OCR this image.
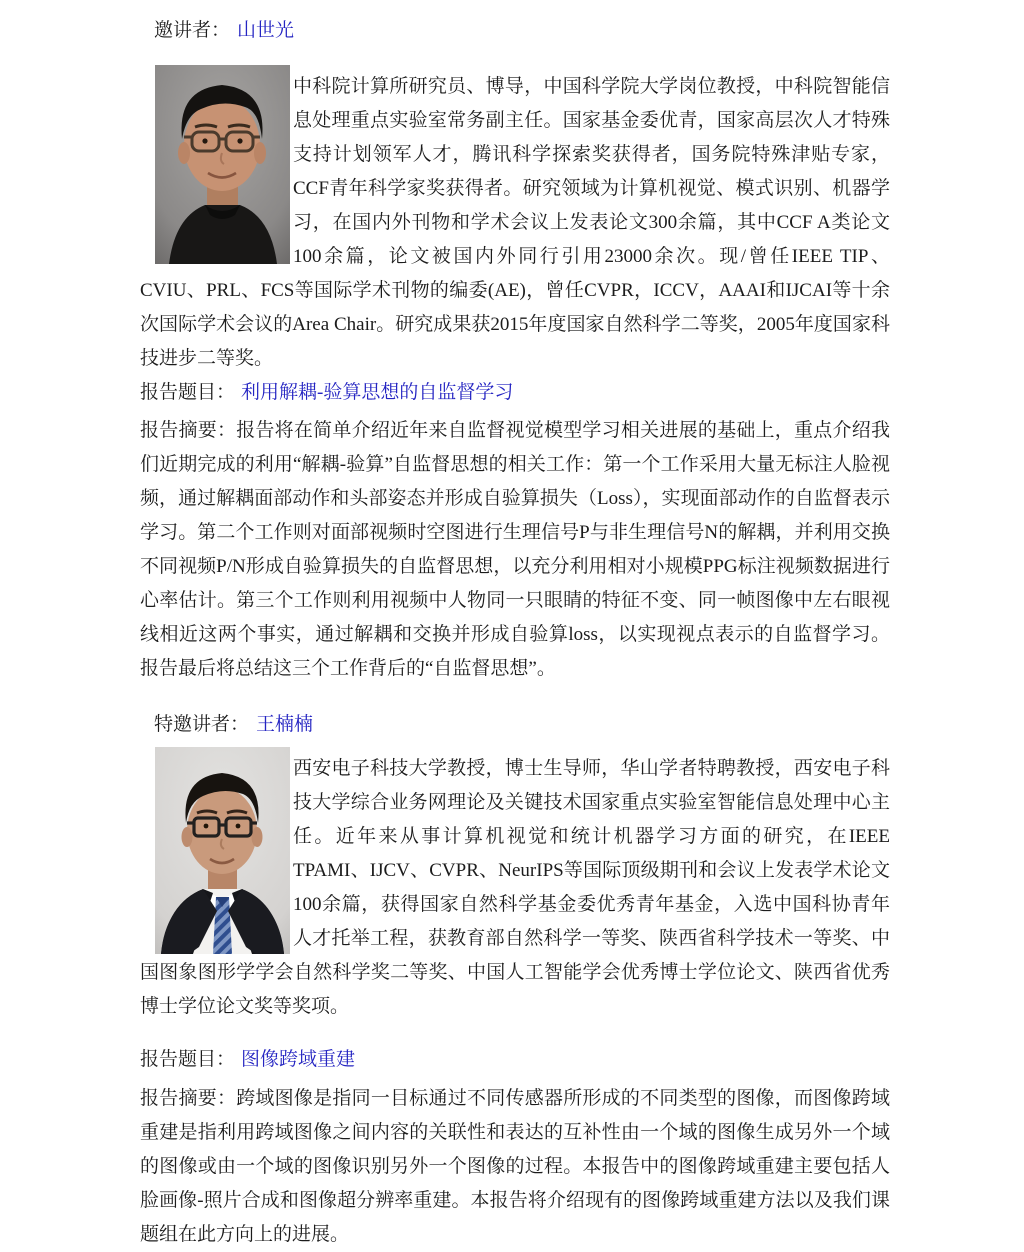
邀讲者： 山世光

中科院计算所研究员、博导，中国科学院大学岗位教授，中科院智能信息处理重点实验室常务副主任。国家基金委优青，国家高层次人才特殊支持计划领军人才，腾讯科学探索奖获得者，国务院特殊津贴专家，CCF青年科学家奖获得者。研究领域为计算机视觉、模式识别、机器学习，在国内外刊物和学术会议上发表论文300余篇，其中CCF A类论文100余篇，论文被国内外同行引用23000余次。现/曾任IEEE TIP、CVIU、PRL、FCS等国际学术刊物的编委(AE)，曾任CVPR，ICCV，AAAI和IJCAI等十余次国际学术会议的Area Chair。研究成果获2015年度国家自然科学二等奖，2005年度国家科技进步二等奖。

报告题目： 利用解耦-验算思想的自监督学习

报告摘要：报告将在简单介绍近年来自监督视觉模型学习相关进展的基础上，重点介绍我们近期完成的利用“解耦-验算”自监督思想的相关工作：第一个工作采用大量无标注人脸视频，通过解耦面部动作和头部姿态并形成自验算损失（Loss），实现面部动作的自监督表示学习。第二个工作则对面部视频时空图进行生理信号P与非生理信号N的解耦，并利用交换不同视频P/N形成自验算损失的自监督思想，以充分利用相对小规模PPG标注视频数据进行心率估计。第三个工作则利用视频中人物同一只眼睛的特征不变、同一帧图像中左右眼视线相近这两个事实，通过解耦和交换并形成自验算loss，以实现视点表示的自监督学习。报告最后将总结这三个工作背后的“自监督思想”。

特邀讲者： 王楠楠

西安电子科技大学教授，博士生导师，华山学者特聘教授，西安电子科技大学综合业务网理论及关键技术国家重点实验室智能信息处理中心主任。近年来从事计算机视觉和统计机器学习方面的研究，在IEEE TPAMI、IJCV、CVPR、NeurIPS等国际顶级期刊和会议上发表学术论文100余篇，获得国家自然科学基金委优秀青年基金，入选中国科协青年人才托举工程，获教育部自然科学一等奖、陕西省科学技术一等奖、中国图象图形学学会自然科学奖二等奖、中国人工智能学会优秀博士学位论文、陕西省优秀博士学位论文奖等奖项。

报告题目： 图像跨域重建

报告摘要：跨域图像是指同一目标通过不同传感器所形成的不同类型的图像，而图像跨域重建是指利用跨域图像之间内容的关联性和表达的互补性由一个域的图像生成另外一个域的图像或由一个域的图像识别另外一个图像的过程。本报告中的图像跨域重建主要包括人脸画像-照片合成和图像超分辨率重建。本报告将介绍现有的图像跨域重建方法以及我们课题组在此方向上的进展。
